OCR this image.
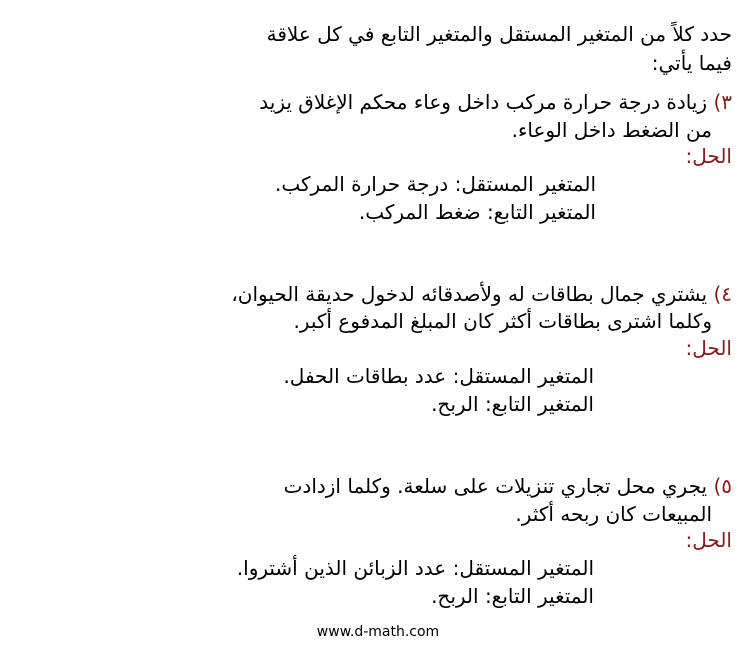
حدد كلاً من المتغير المستقل والمتغير التابع في كل علاقة
فيما يأتي:
٣) زيادة درجة حرارة مركب داخل وعاء محكم الإغلاق يزيد
من الضغط داخل الوعاء.
الحل:
المتغير المستقل: درجة حرارة المركب.
المتغير التابع: ضغط المركب.
٤) يشتري جمال بطاقات له ولأصدقائه لدخول حديقة الحيوان،
وكلما اشترى بطاقات أكثر كان المبلغ المدفوع أكبر.
الحل:
المتغير المستقل: عدد بطاقات الحفل.
المتغير التابع: الربح.
٥) يجري محل تجاري تنزيلات على سلعة. وكلما ازدادت
المبيعات كان ربحه أكثر.
الحل:
المتغير المستقل: عدد الزبائن الذين أشتروا.
المتغير التابع: الربح.
www.d-math.com
